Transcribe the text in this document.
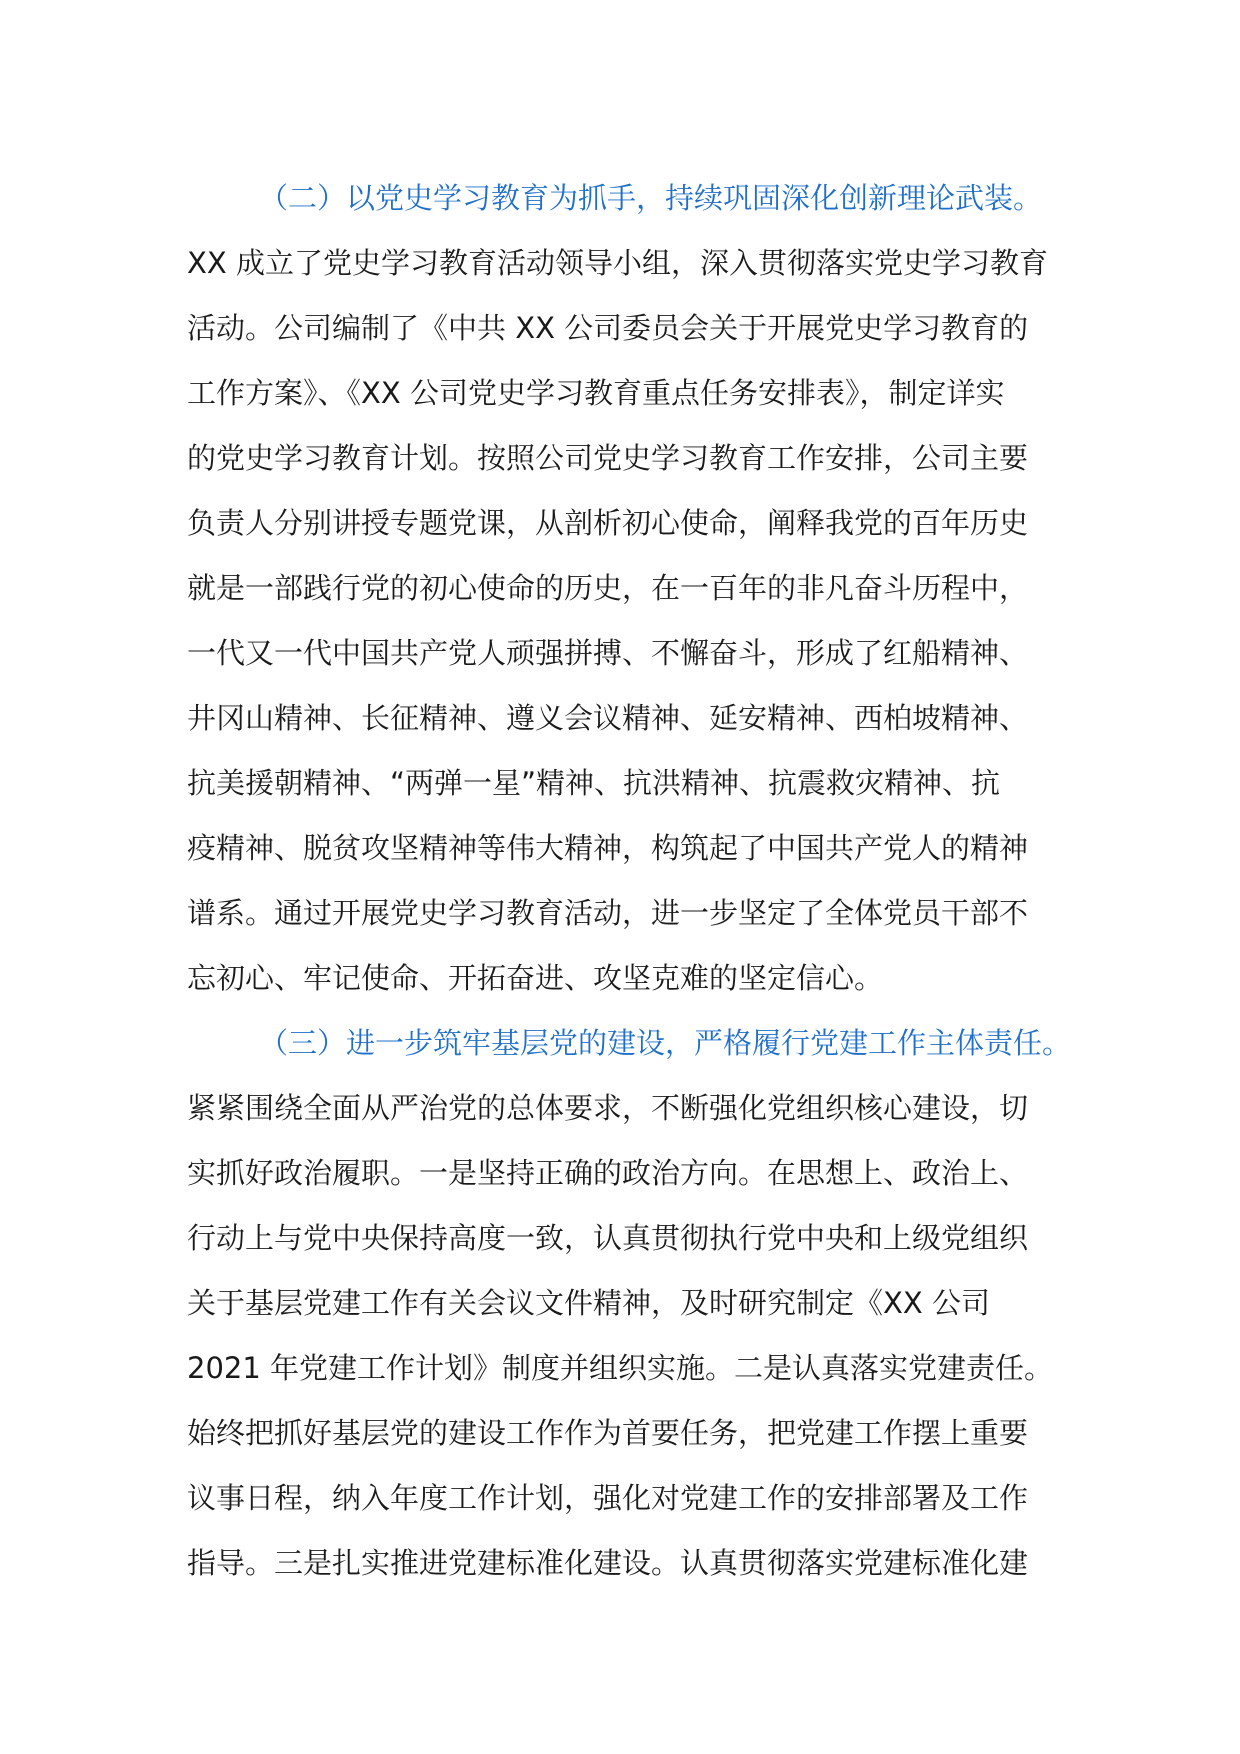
（二）以党史学习教育为抓手，持续巩固深化创新理论武装。
XX 成立了党史学习教育活动领导小组，深入贯彻落实党史学习教育
活动。公司编制了《中共 XX 公司委员会关于开展党史学习教育的
工作方案》、《XX 公司党史学习教育重点任务安排表》，制定详实
的党史学习教育计划。按照公司党史学习教育工作安排，公司主要
负责人分别讲授专题党课，从剖析初心使命，阐释我党的百年历史
就是一部践行党的初心使命的历史，在一百年的非凡奋斗历程中，
一代又一代中国共产党人顽强拼搏、不懈奋斗，形成了红船精神、
井冈山精神、长征精神、遵义会议精神、延安精神、西柏坡精神、
抗美援朝精神、“两弹一星”精神、抗洪精神、抗震救灾精神、抗
疫精神、脱贫攻坚精神等伟大精神，构筑起了中国共产党人的精神
谱系。通过开展党史学习教育活动，进一步坚定了全体党员干部不
忘初心、牢记使命、开拓奋进、攻坚克难的坚定信心。
（三）进一步筑牢基层党的建设，严格履行党建工作主体责任。
紧紧围绕全面从严治党的总体要求，不断强化党组织核心建设，切
实抓好政治履职。一是坚持正确的政治方向。在思想上、政治上、
行动上与党中央保持高度一致，认真贯彻执行党中央和上级党组织
关于基层党建工作有关会议文件精神，及时研究制定《XX 公司
2021 年党建工作计划》制度并组织实施。二是认真落实党建责任。
始终把抓好基层党的建设工作作为首要任务，把党建工作摆上重要
议事日程，纳入年度工作计划，强化对党建工作的安排部署及工作
指导。三是扎实推进党建标准化建设。认真贯彻落实党建标准化建
